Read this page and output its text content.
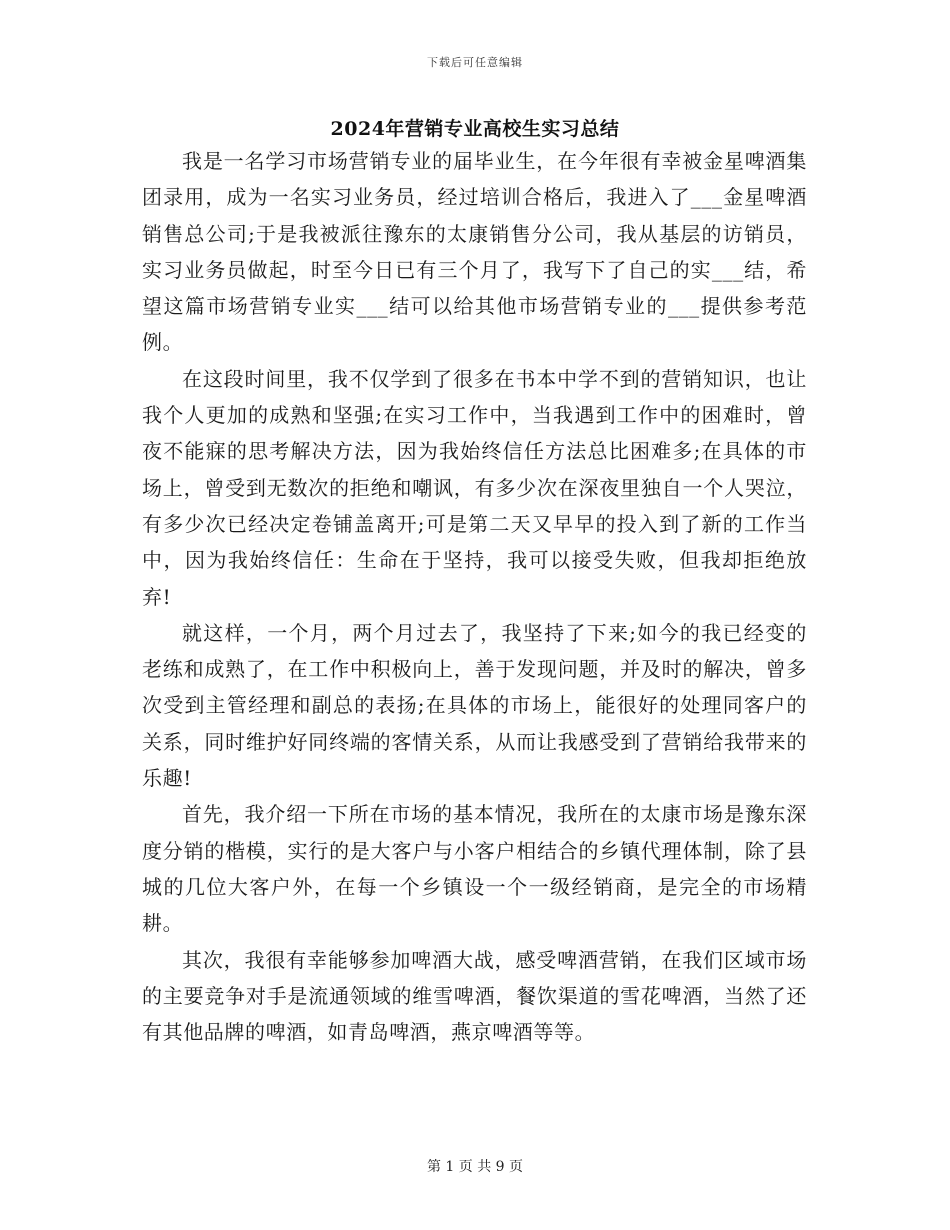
下载后可任意编辑
2024年营销专业高校生实习总结

我是一名学习市场营销专业的届毕业生，在今年很有幸被金星啤酒集团录用，成为一名实习业务员，经过培训合格后，我进入了___金星啤酒销售总公司;于是我被派往豫东的太康销售分公司，我从基层的访销员，实习业务员做起，时至今日已有三个月了，我写下了自己的实___结，希望这篇市场营销专业实___结可以给其他市场营销专业的___提供参考范例。

在这段时间里，我不仅学到了很多在书本中学不到的营销知识，也让我个人更加的成熟和坚强;在实习工作中，当我遇到工作中的困难时，曾夜不能寐的思考解决方法，因为我始终信任方法总比困难多;在具体的市场上，曾受到无数次的拒绝和嘲讽，有多少次在深夜里独自一个人哭泣，有多少次已经决定卷铺盖离开;可是第二天又早早的投入到了新的工作当中，因为我始终信任：生命在于坚持，我可以接受失败，但我却拒绝放弃!

就这样，一个月，两个月过去了，我坚持了下来;如今的我已经变的老练和成熟了，在工作中积极向上，善于发现问题，并及时的解决，曾多次受到主管经理和副总的表扬;在具体的市场上，能很好的处理同客户的关系，同时维护好同终端的客情关系，从而让我感受到了营销给我带来的乐趣!

首先，我介绍一下所在市场的基本情况，我所在的太康市场是豫东深度分销的楷模，实行的是大客户与小客户相结合的乡镇代理体制，除了县城的几位大客户外，在每一个乡镇设一个一级经销商，是完全的市场精耕。

其次，我很有幸能够参加啤酒大战，感受啤酒营销，在我们区域市场的主要竞争对手是流通领域的维雪啤酒，餐饮渠道的雪花啤酒，当然了还有其他品牌的啤酒，如青岛啤酒，燕京啤酒等等。

第 1 页 共 9 页
